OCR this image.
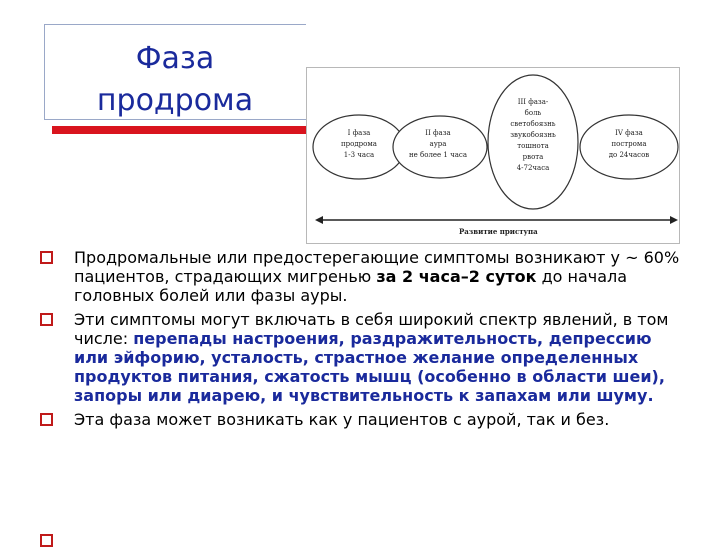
Фаза
продрома
I фаза
продрома
1-3 часа
II фаза
аура
не более 1 часа
III фаза-
боль
светобоязнь
звукобоязнь
тошнота
рвота
4-72часа
IV фаза
построма
до 24часов
Развитие приступа
Продромальные или предостерегающие симптомы возникают у ~ 60% пациентов, страдающих мигренью за 2 часа–2 суток до начала головных болей или фазы ауры.
Эти симптомы могут включать в себя широкий спектр явлений, в том числе: перепады настроения, раздражительность, депрессию или эйфорию, усталость, страстное желание определенных продуктов питания, сжатость мышц (особенно в области шеи), запоры или диарею, и чувствительность к запахам или шуму.
Эта фаза может возникать как у пациентов с аурой, так и без.
